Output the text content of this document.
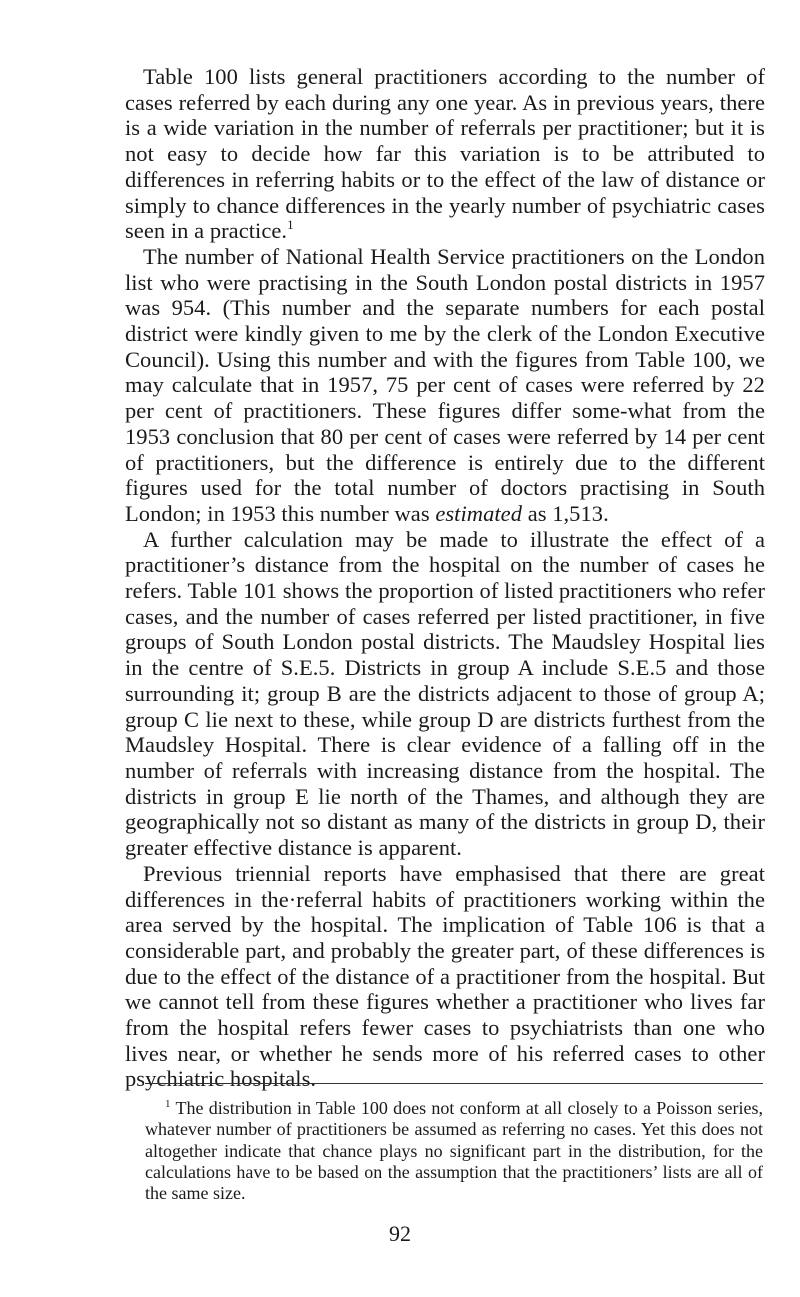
Table 100 lists general practitioners according to the number of cases referred by each during any one year. As in previous years, there is a wide variation in the number of referrals per practitioner; but it is not easy to decide how far this variation is to be attributed to differences in referring habits or to the effect of the law of distance or simply to chance differences in the yearly number of psychiatric cases seen in a practice.$^1$

The number of National Health Service practitioners on the London list who were practising in the South London postal districts in 1957 was 954. (This number and the separate numbers for each postal district were kindly given to me by the clerk of the London Executive Council). Using this number and with the figures from Table 100, we may calculate that in 1957, 75 per cent of cases were referred by 22 per cent of practitioners. These figures differ some-what from the 1953 conclusion that 80 per cent of cases were referred by 14 per cent of practitioners, but the difference is entirely due to the different figures used for the total number of doctors practising in South London; in 1953 this number was estimated as 1,513.

A further calculation may be made to illustrate the effect of a practitioner’s distance from the hospital on the number of cases he refers. Table 101 shows the proportion of listed practitioners who refer cases, and the number of cases referred per listed practitioner, in five groups of South London postal districts. The Maudsley Hospital lies in the centre of S.E.5. Districts in group A include S.E.5 and those surrounding it; group B are the districts adjacent to those of group A; group C lie next to these, while group D are districts furthest from the Maudsley Hospital. There is clear evidence of a falling off in the number of referrals with increasing distance from the hospital. The districts in group E lie north of the Thames, and although they are geographically not so distant as many of the districts in group D, their greater effective distance is apparent.

Previous triennial reports have emphasised that there are great differences in the·referral habits of practitioners working within the area served by the hospital. The implication of Table 106 is that a considerable part, and probably the greater part, of these differences is due to the effect of the distance of a practitioner from the hospital. But we cannot tell from these figures whether a practitioner who lives far from the hospital refers fewer cases to psychiatrists than one who lives near, or whether he sends more of his referred cases to other psychiatric hospitals.

$^1$ The distribution in Table 100 does not conform at all closely to a Poisson series, whatever number of practitioners be assumed as referring no cases. Yet this does not altogether indicate that chance plays no significant part in the distribution, for the calculations have to be based on the assumption that the practitioners’ lists are all of the same size.

92
